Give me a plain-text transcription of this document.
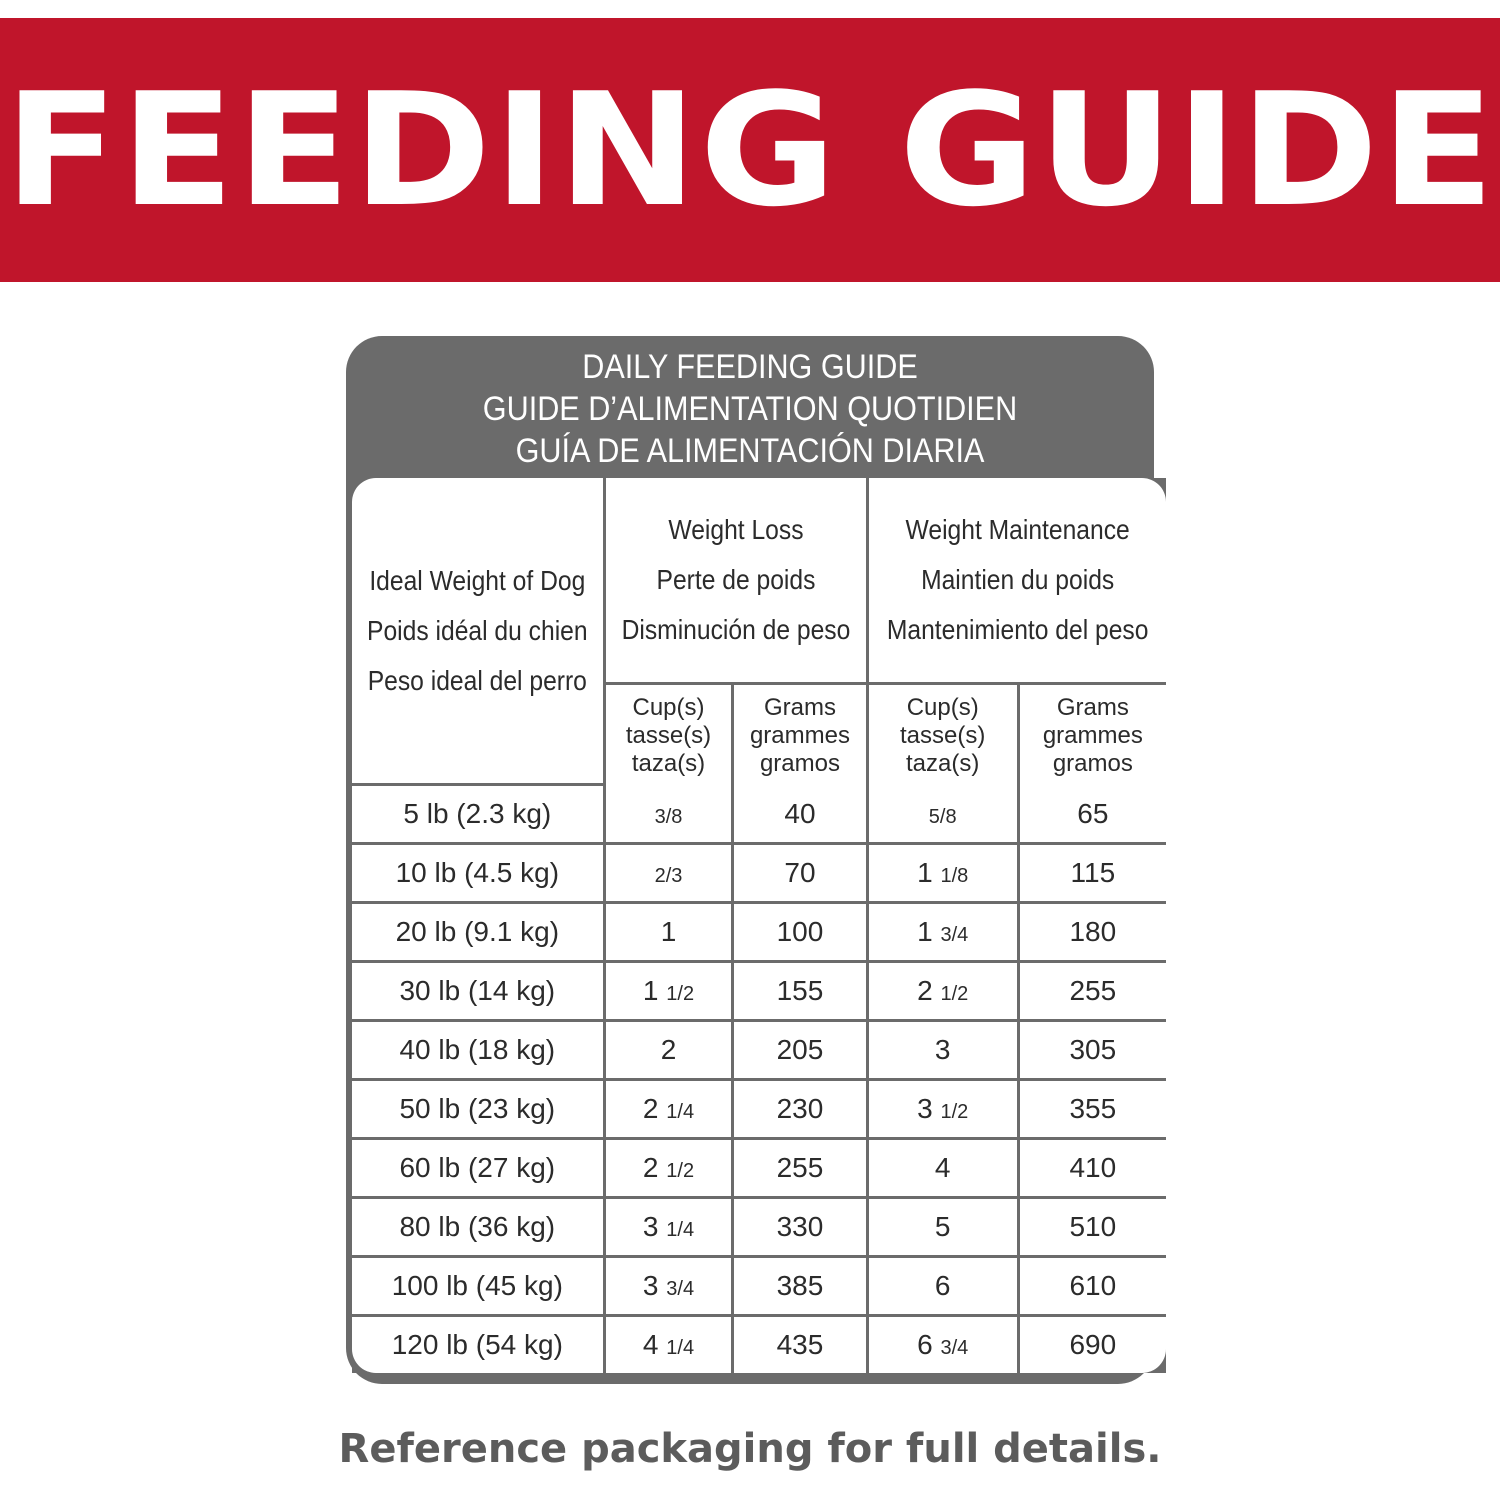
FEEDING GUIDE
DAILY FEEDING GUIDE
GUIDE D’ALIMENTATION QUOTIDIEN
GUÍA DE ALIMENTACIÓN DIARIA
Ideal Weight of Dog
Poids idéal du chien
Peso ideal del perro	Weight Loss
Perte de poids
Disminución de peso		Weight Maintenance
Maintien du poids
Mantenimiento del peso	

	Cup(s)
tasse(s)
taza(s)	Grams
grammes
gramos	Cup(s)
tasse(s)
taza(s)	Grams
grammes
gramos

5 lb (2.3 kg)	3/8	40	5/8	65
10 lb (4.5 kg)	2/3	70	1 1/8	115
20 lb (9.1 kg)	1	100	1 3/4	180
30 lb (14 kg)	1 1/2	155	2 1/2	255
40 lb (18 kg)	2	205	3	305
50 lb (23 kg)	2 1/4	230	3 1/2	355
60 lb (27 kg)	2 1/2	255	4	410
80 lb (36 kg)	3 1/4	330	5	510
100 lb (45 kg)	3 3/4	385	6	610
120 lb (54 kg)	4 1/4	435	6 3/4	690
Reference packaging for full details.
